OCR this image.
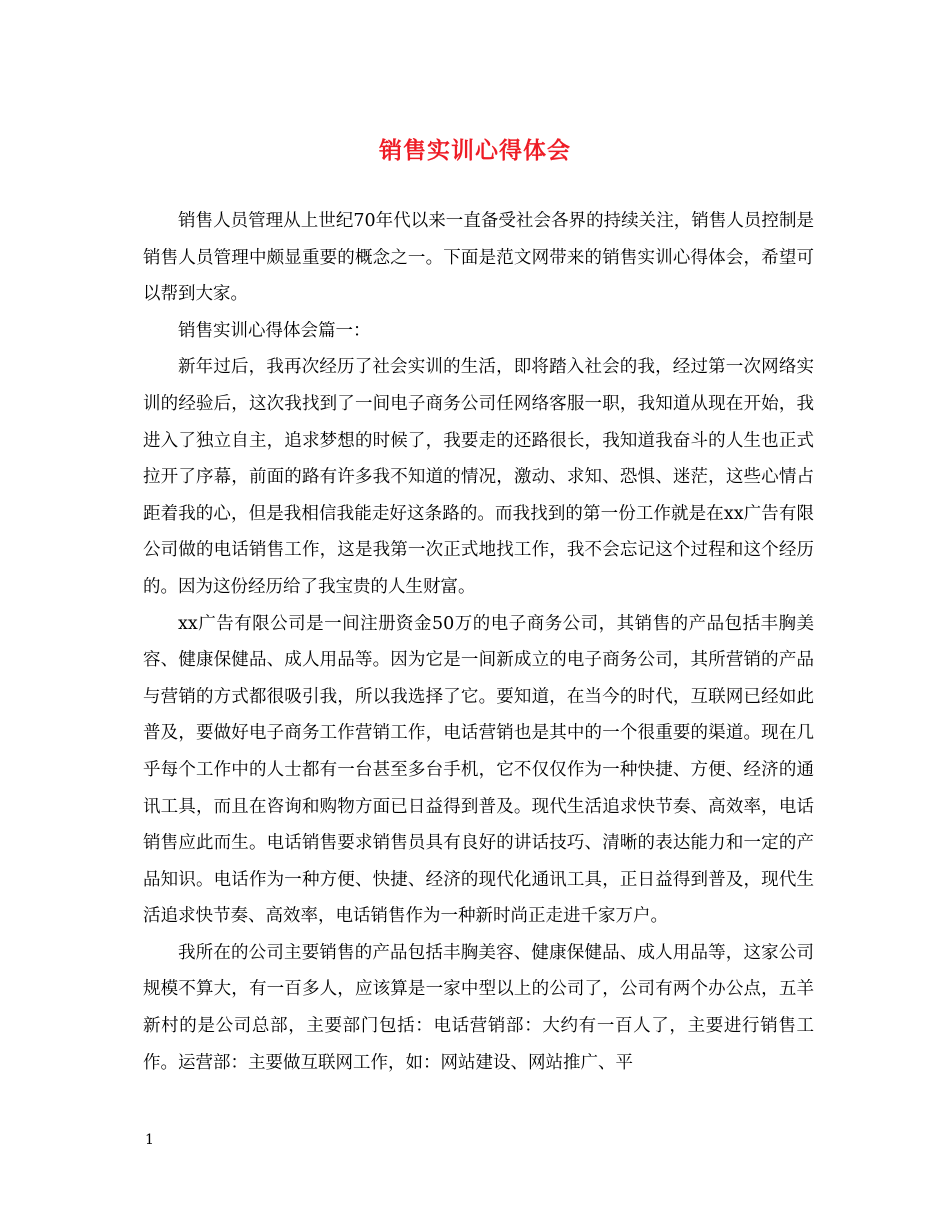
销售实训心得体会

销售人员管理从上世纪70年代以来一直备受社会各界的持续关注，销售人员控制是销售人员管理中颇显重要的概念之一。下面是范文网带来的销售实训心得体会，希望可以帮到大家。

销售实训心得体会篇一：

新年过后，我再次经历了社会实训的生活，即将踏入社会的我，经过第一次网络实训的经验后，这次我找到了一间电子商务公司任网络客服一职，我知道从现在开始，我进入了独立自主，追求梦想的时候了，我要走的还路很长，我知道我奋斗的人生也正式拉开了序幕，前面的路有许多我不知道的情况，激动、求知、恐惧、迷茫，这些心情占距着我的心，但是我相信我能走好这条路的。而我找到的第一份工作就是在xx广告有限公司做的电话销售工作，这是我第一次正式地找工作，我不会忘记这个过程和这个经历的。因为这份经历给了我宝贵的人生财富。

xx广告有限公司是一间注册资金50万的电子商务公司，其销售的产品包括丰胸美容、健康保健品、成人用品等。因为它是一间新成立的电子商务公司，其所营销的产品与营销的方式都很吸引我，所以我选择了它。要知道，在当今的时代，互联网已经如此普及，要做好电子商务工作营销工作，电话营销也是其中的一个很重要的渠道。现在几乎每个工作中的人士都有一台甚至多台手机，它不仅仅作为一种快捷、方便、经济的通讯工具，而且在咨询和购物方面已日益得到普及。现代生活追求快节奏、高效率，电话销售应此而生。电话销售要求销售员具有良好的讲话技巧、清晰的表达能力和一定的产品知识。电话作为一种方便、快捷、经济的现代化通讯工具，正日益得到普及，现代生活追求快节奏、高效率，电话销售作为一种新时尚正走进千家万户。

我所在的公司主要销售的产品包括丰胸美容、健康保健品、成人用品等，这家公司规模不算大，有一百多人，应该算是一家中型以上的公司了，公司有两个办公点，五羊新村的是公司总部，主要部门包括：电话营销部：大约有一百人了，主要进行销售工作。运营部：主要做互联网工作，如：网站建设、网站推广、平

1
